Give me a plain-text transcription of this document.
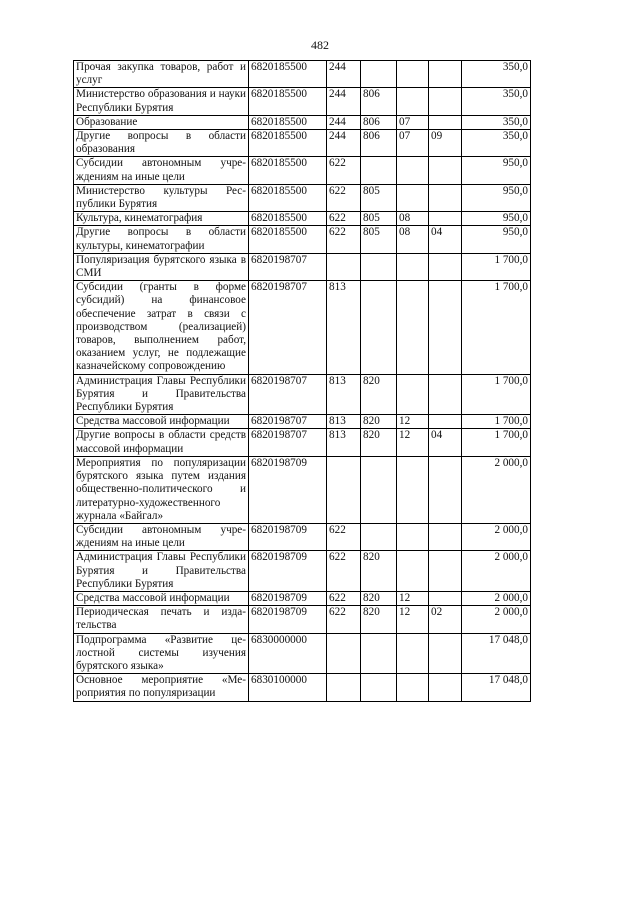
482
Прочая закупка товаров, работ и услуг	6820185500	244				350,0

Министерство образования и науки Республики Бурятия	6820185500	244	806			350,0

Образование	6820185500	244	806	07		350,0

Другие вопросы в области образования	6820185500	244	806	07	09	350,0

Субсидии автономным учреждениям на иные цели	6820185500	622				950,0

Министерство культуры Республики Бурятия	6820185500	622	805			950,0

Культура, кинематография	6820185500	622	805	08		950,0

Другие вопросы в области культуры, кинематографии	6820185500	622	805	08	04	950,0

Популяризация бурятского языка в СМИ	6820198707					1 700,0

Субсидии (гранты в форме субсидий) на финансовое обеспечение затрат в связи с производством (реализацией) товаров, выполнением работ, оказанием услуг, не подлежащие казначейскому сопровождению	6820198707	813				1 700,0

Администрация Главы Республики Бурятия и Правительства Республики Бурятия	6820198707	813	820			1 700,0

Средства массовой информации	6820198707	813	820	12		1 700,0

Другие вопросы в области средств массовой информации	6820198707	813	820	12	04	1 700,0

Мероприятия по популяризации бурятского языка путем издания общественно-политического и литературно-художественного журнала «Байгал»	6820198709					2 000,0

Субсидии автономным учреждениям на иные цели	6820198709	622				2 000,0

Администрация Главы Республики Бурятия и Правительства Республики Бурятия	6820198709	622	820			2 000,0

Средства массовой информации	6820198709	622	820	12		2 000,0

Периодическая печать и издательства	6820198709	622	820	12	02	2 000,0

Подпрограмма «Развитие целостной системы изучения бурятского языка»	6830000000					17 048,0

Основное мероприятие «Мероприятия по популяризации	6830100000					17 048,0
